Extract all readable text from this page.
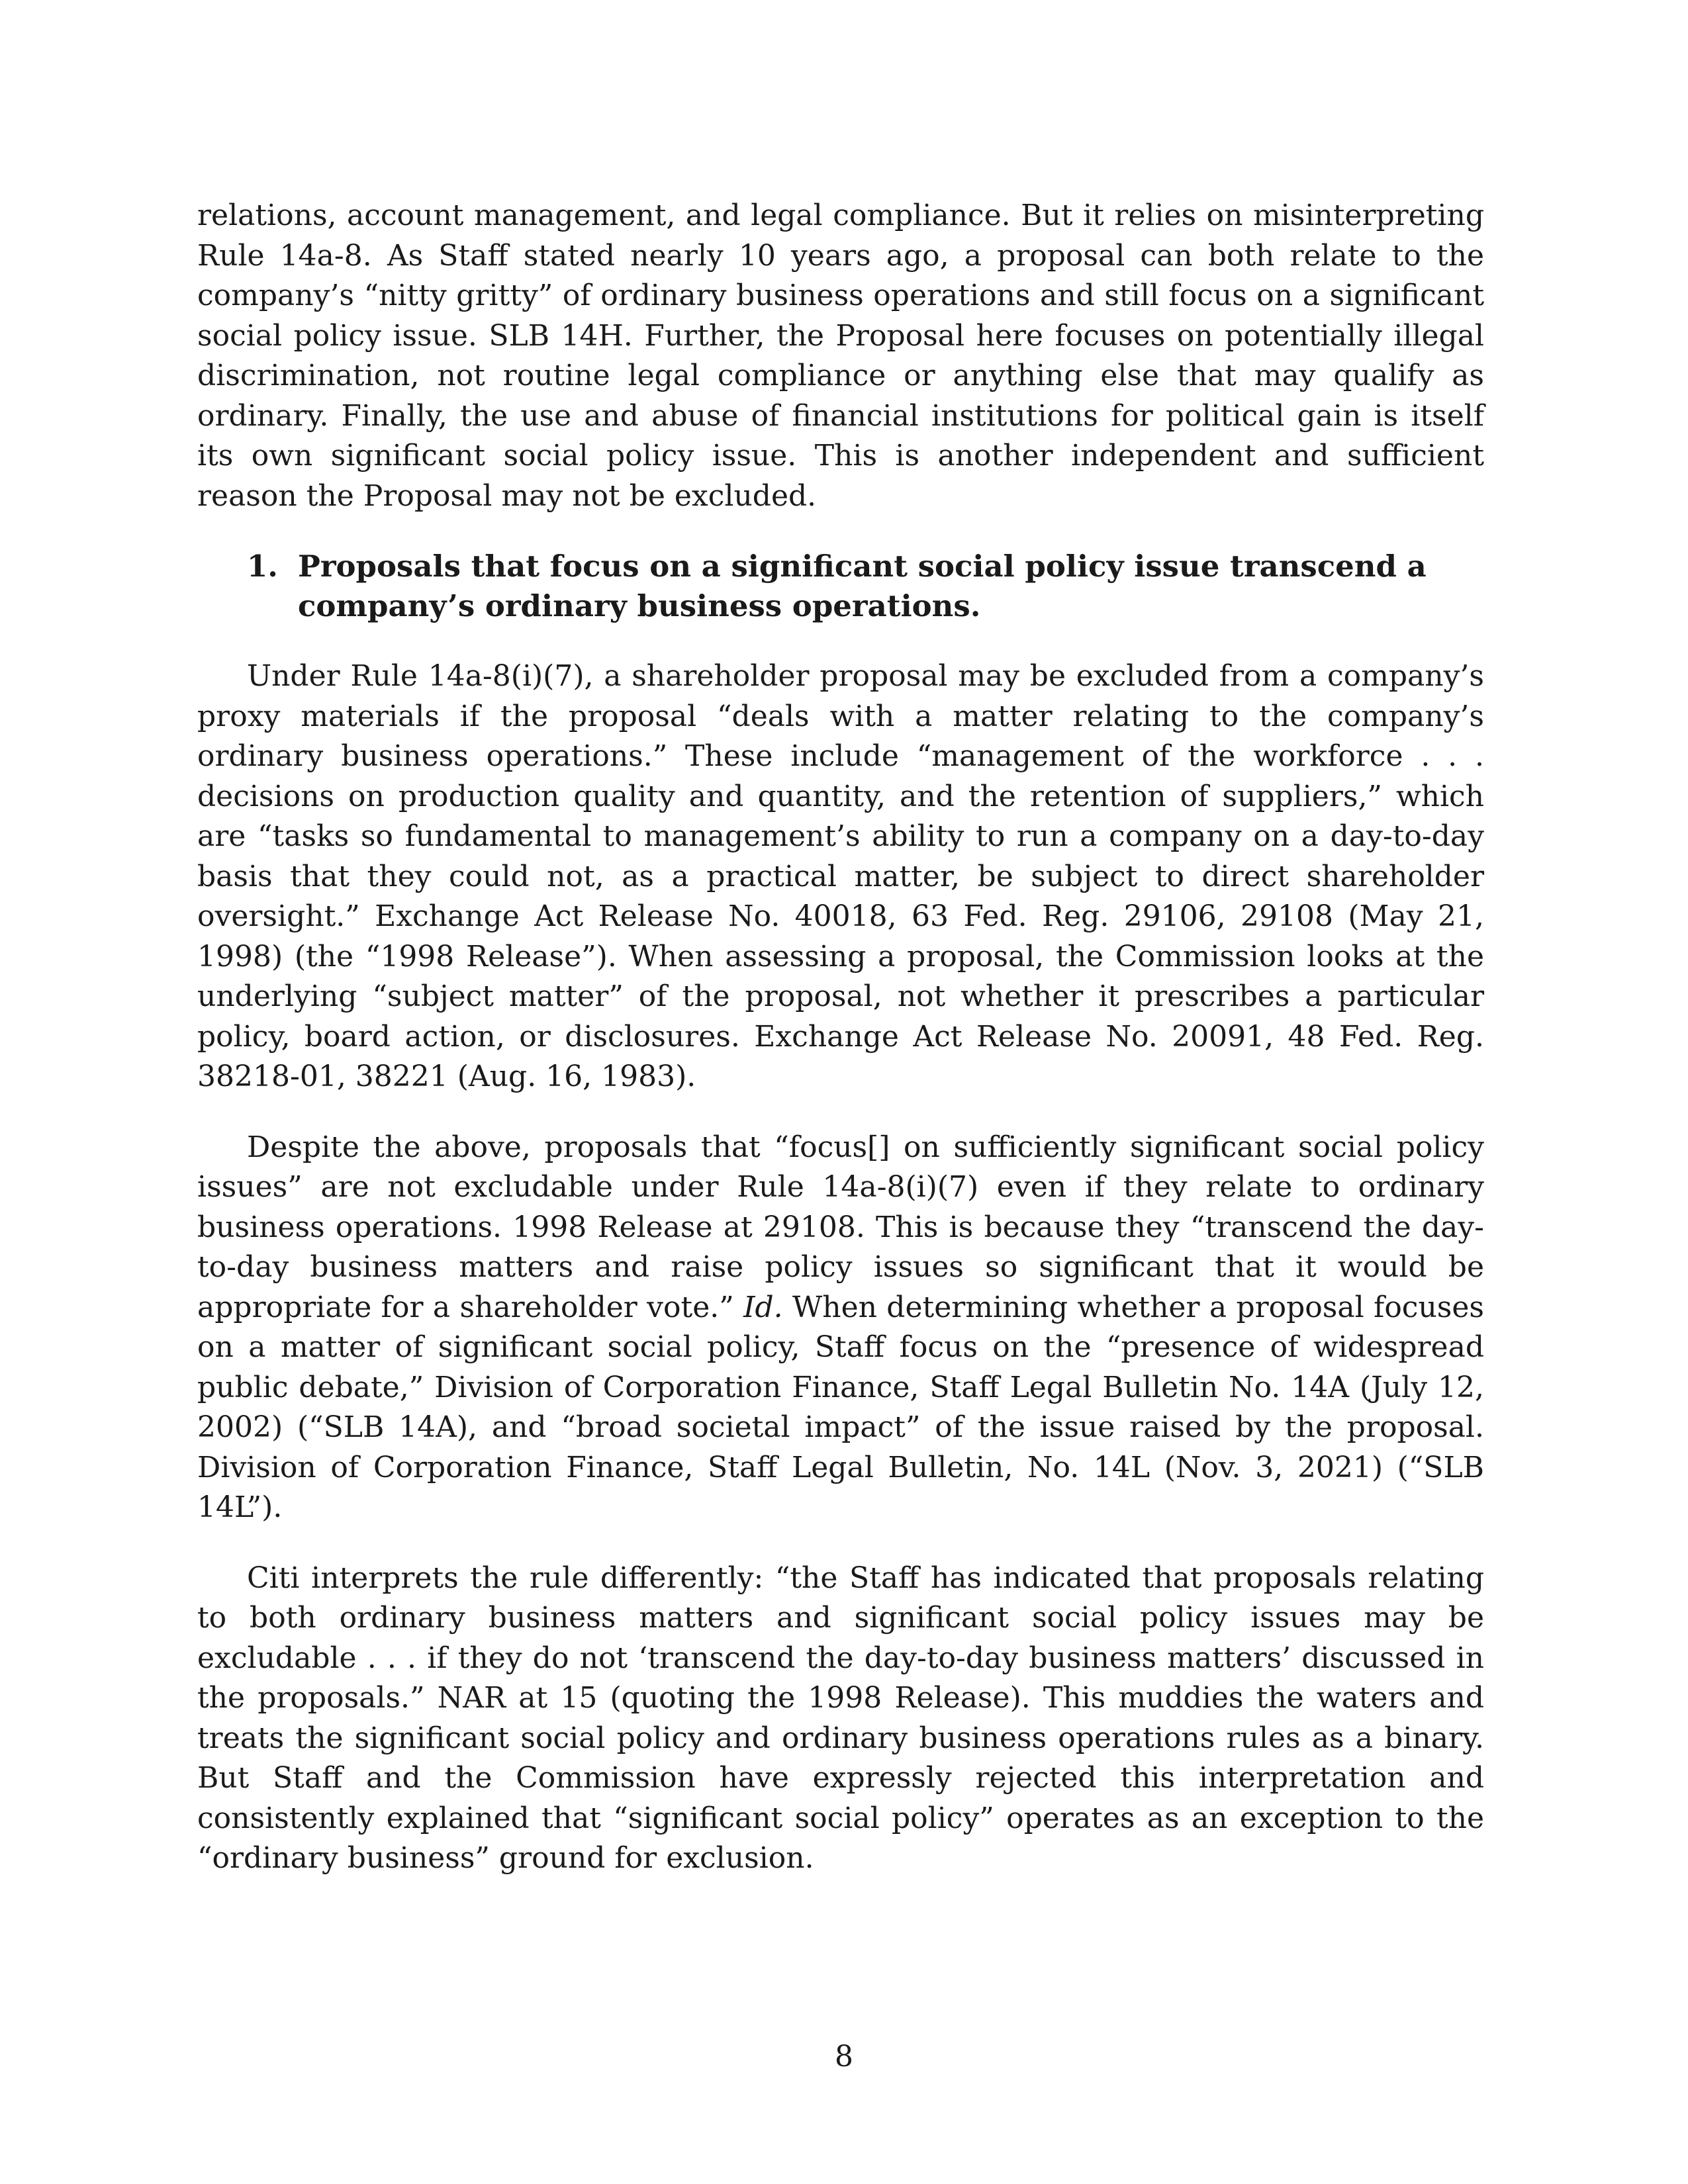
relations, account management, and legal compliance. But it relies on misinterpreting Rule 14a-8. As Staff stated nearly 10 years ago, a proposal can both relate to the company’s “nitty gritty” of ordinary business operations and still focus on a significant social policy issue. SLB 14H. Further, the Proposal here focuses on potentially illegal discrimination, not routine legal compliance or anything else that may qualify as ordinary. Finally, the use and abuse of financial institutions for political gain is itself its own significant social policy issue. This is another independent and sufficient reason the Proposal may not be excluded.

1. Proposals that focus on a significant social policy issue transcend a company’s ordinary business operations.

Under Rule 14a-8(i)(7), a shareholder proposal may be excluded from a company’s proxy materials if the proposal “deals with a matter relating to the company’s ordinary business operations.” These include “management of the workforce . . . decisions on production quality and quantity, and the retention of suppliers,” which are “tasks so fundamental to management’s ability to run a company on a day-to-day basis that they could not, as a practical matter, be subject to direct shareholder oversight.” Exchange Act Release No. 40018, 63 Fed. Reg. 29106, 29108 (May 21, 1998) (the “1998 Release”). When assessing a proposal, the Commission looks at the underlying “subject matter” of the proposal, not whether it prescribes a particular policy, board action, or disclosures. Exchange Act Release No. 20091, 48 Fed. Reg. 38218-01, 38221 (Aug. 16, 1983).

Despite the above, proposals that “focus[] on sufficiently significant social policy issues” are not excludable under Rule 14a-8(i)(7) even if they relate to ordinary business operations. 1998 Release at 29108. This is because they “transcend the day-to-day business matters and raise policy issues so significant that it would be appropriate for a shareholder vote.” Id. When determining whether a proposal focuses on a matter of significant social policy, Staff focus on the “presence of widespread public debate,” Division of Corporation Finance, Staff Legal Bulletin No. 14A (July 12, 2002) (“SLB 14A), and “broad societal impact” of the issue raised by the proposal. Division of Corporation Finance, Staff Legal Bulletin, No. 14L (Nov. 3, 2021) (“SLB 14L”).

Citi interprets the rule differently: “the Staff has indicated that proposals relating to both ordinary business matters and significant social policy issues may be excludable . . . if they do not ‘transcend the day-to-day business matters’ discussed in the proposals.” NAR at 15 (quoting the 1998 Release). This muddies the waters and treats the significant social policy and ordinary business operations rules as a binary. But Staff and the Commission have expressly rejected this interpretation and consistently explained that “significant social policy” operates as an exception to the “ordinary business” ground for exclusion.

8
